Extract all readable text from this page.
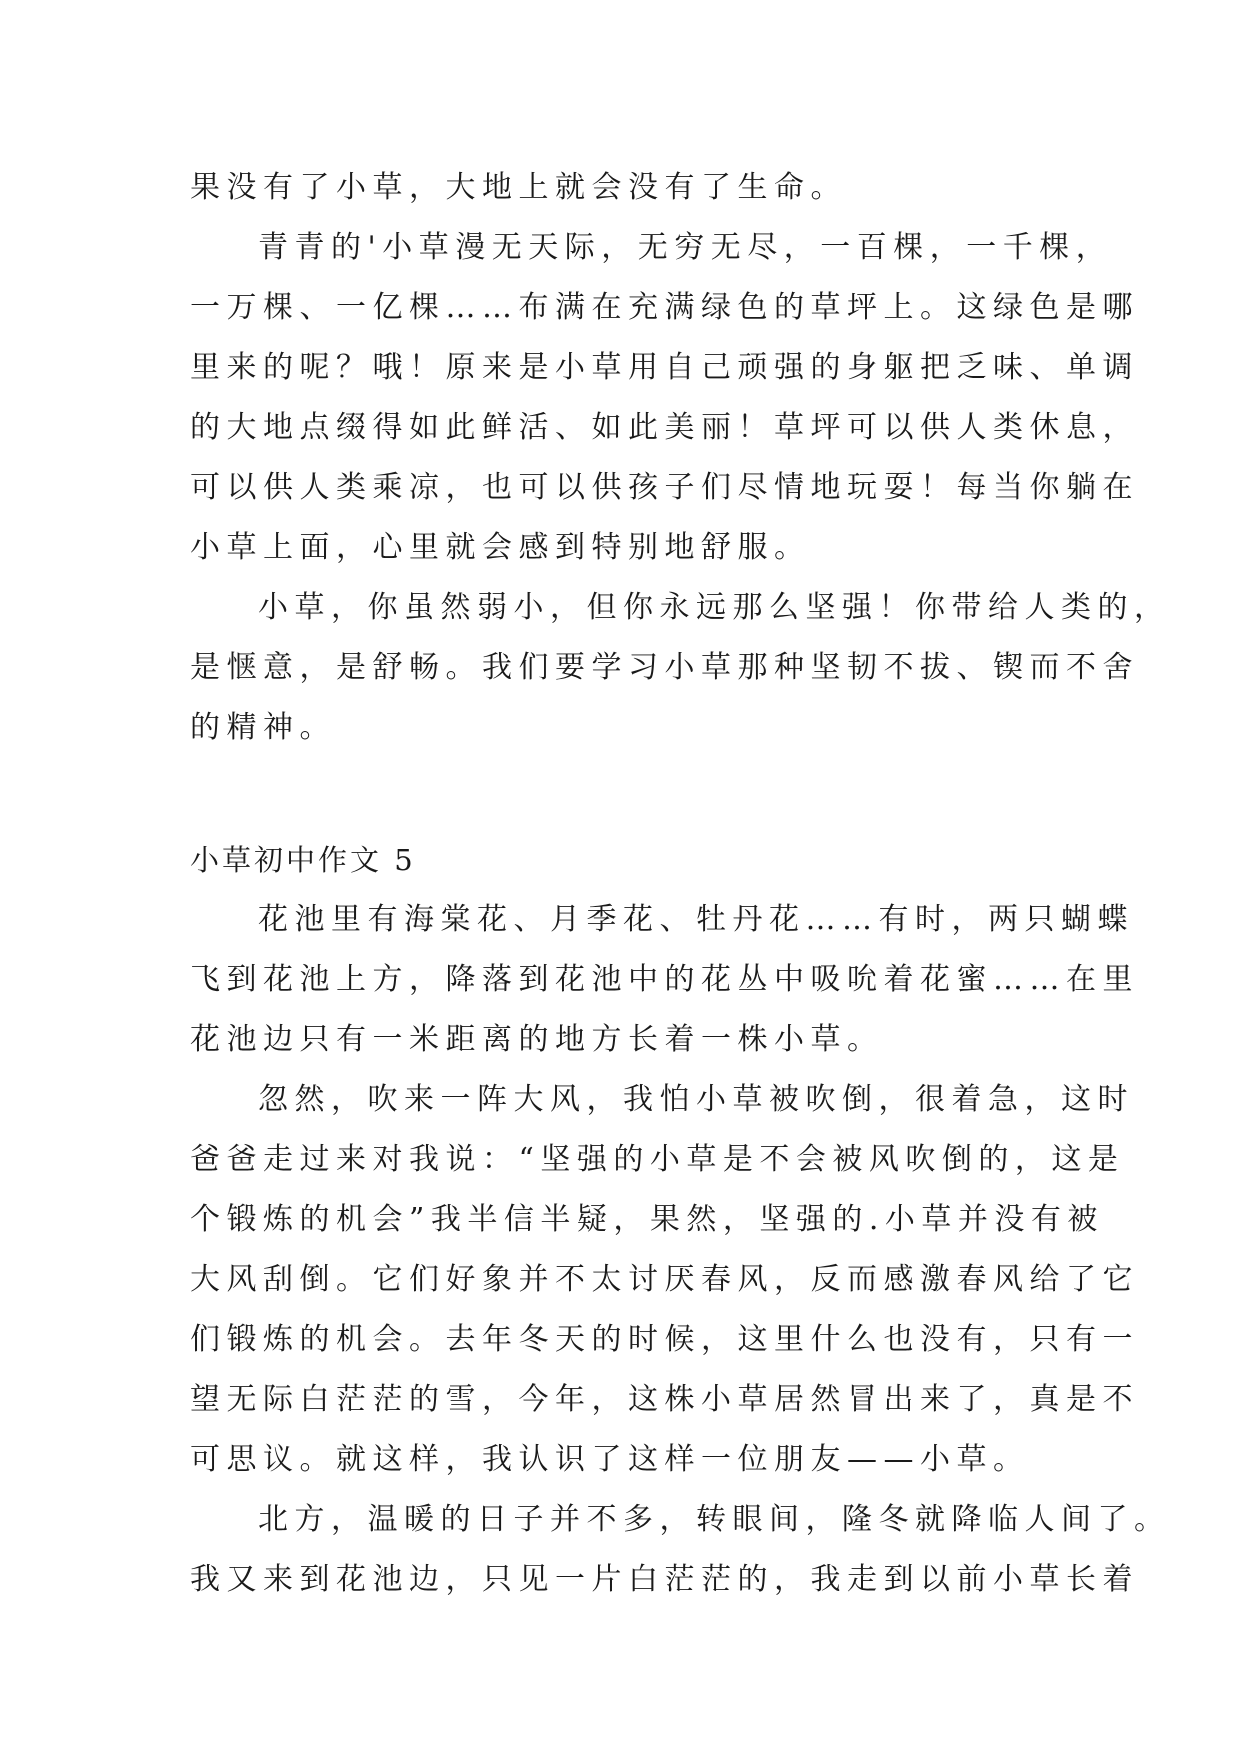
果没有了小草，大地上就会没有了生命。
青青的'小草漫无天际，无穷无尽，一百棵，一千棵，
一万棵、一亿棵……布满在充满绿色的草坪上。这绿色是哪
里来的呢？哦！原来是小草用自己顽强的身躯把乏味、单调
的大地点缀得如此鲜活、如此美丽！草坪可以供人类休息，
可以供人类乘凉，也可以供孩子们尽情地玩耍！每当你躺在
小草上面，心里就会感到特别地舒服。
小草，你虽然弱小，但你永远那么坚强！你带给人类的，
是惬意，是舒畅。我们要学习小草那种坚韧不拔、锲而不舍
的精神。
小草初中作文 5
花池里有海棠花、月季花、牡丹花……有时，两只蝴蝶
飞到花池上方，降落到花池中的花丛中吸吮着花蜜……在里
花池边只有一米距离的地方长着一株小草。
忽然，吹来一阵大风，我怕小草被吹倒，很着急，这时
爸爸走过来对我说：“坚强的小草是不会被风吹倒的，这是
个锻炼的机会”我半信半疑，果然，坚强的.小草并没有被
大风刮倒。它们好象并不太讨厌春风，反而感激春风给了它
们锻炼的机会。去年冬天的时候，这里什么也没有，只有一
望无际白茫茫的雪，今年，这株小草居然冒出来了，真是不
可思议。就这样，我认识了这样一位朋友——小草。
北方，温暖的日子并不多，转眼间，隆冬就降临人间了。
我又来到花池边，只见一片白茫茫的，我走到以前小草长着
